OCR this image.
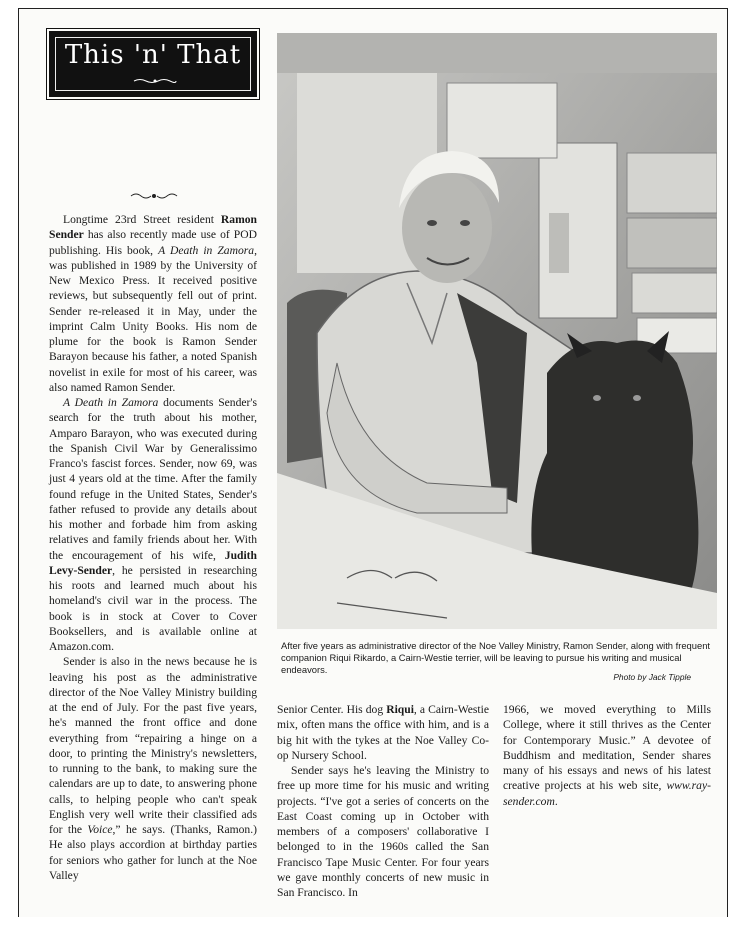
This 'n' That

Longtime 23rd Street resident Ramon Sender has also recently made use of POD publishing. His book, A Death in Zamora, was published in 1989 by the University of New Mexico Press. It received positive reviews, but subsequently fell out of print. Sender re-released it in May, under the imprint Calm Unity Books. His nom de plume for the book is Ramon Sender Barayon because his father, a noted Spanish novelist in exile for most of his career, was also named Ramon Sender.

A Death in Zamora documents Sender's search for the truth about his mother, Amparo Barayon, who was executed during the Spanish Civil War by Generalissimo Franco's fascist forces. Sender, now 69, was just 4 years old at the time. After the family found refuge in the United States, Sender's father refused to provide any details about his mother and forbade him from asking relatives and family friends about her. With the encouragement of his wife, Judith Levy-Sender, he persisted in researching his roots and learned much about his homeland's civil war in the process. The book is in stock at Cover to Cover Booksellers, and is available online at Amazon.com.

Sender is also in the news because he is leaving his post as the administrative director of the Noe Valley Ministry building at the end of July. For the past five years, he's manned the front office and done everything from “repairing a hinge on a door, to printing the Ministry's newsletters, to running to the bank, to making sure the calendars are up to date, to answering phone calls, to helping people who can't speak English very well write their classified ads for the Voice,” he says. (Thanks, Ramon.) He also plays accordion at birthday parties for seniors who gather for lunch at the Noe Valley

After five years as administrative director of the Noe Valley Ministry, Ramon Sender, along with frequent companion Riqui Rikardo, a Cairn-Westie terrier, will be leaving to pursue his writing and musical endeavors.
Photo by Jack Tipple

Senior Center. His dog Riqui, a Cairn-Westie mix, often mans the office with him, and is a big hit with the tykes at the Noe Valley Co-op Nursery School.

Sender says he's leaving the Ministry to free up more time for his music and writing projects. “I've got a series of concerts on the East Coast coming up in October with members of a composers' collaborative I belonged to in the 1960s called the San Francisco Tape Music Center. For four years we gave monthly concerts of new music in San Francisco. In

1966, we moved everything to Mills College, where it still thrives as the Center for Contemporary Music.” A devotee of Buddhism and meditation, Sender shares many of his essays and news of his latest creative projects at his web site, www.ray-sender.com.
